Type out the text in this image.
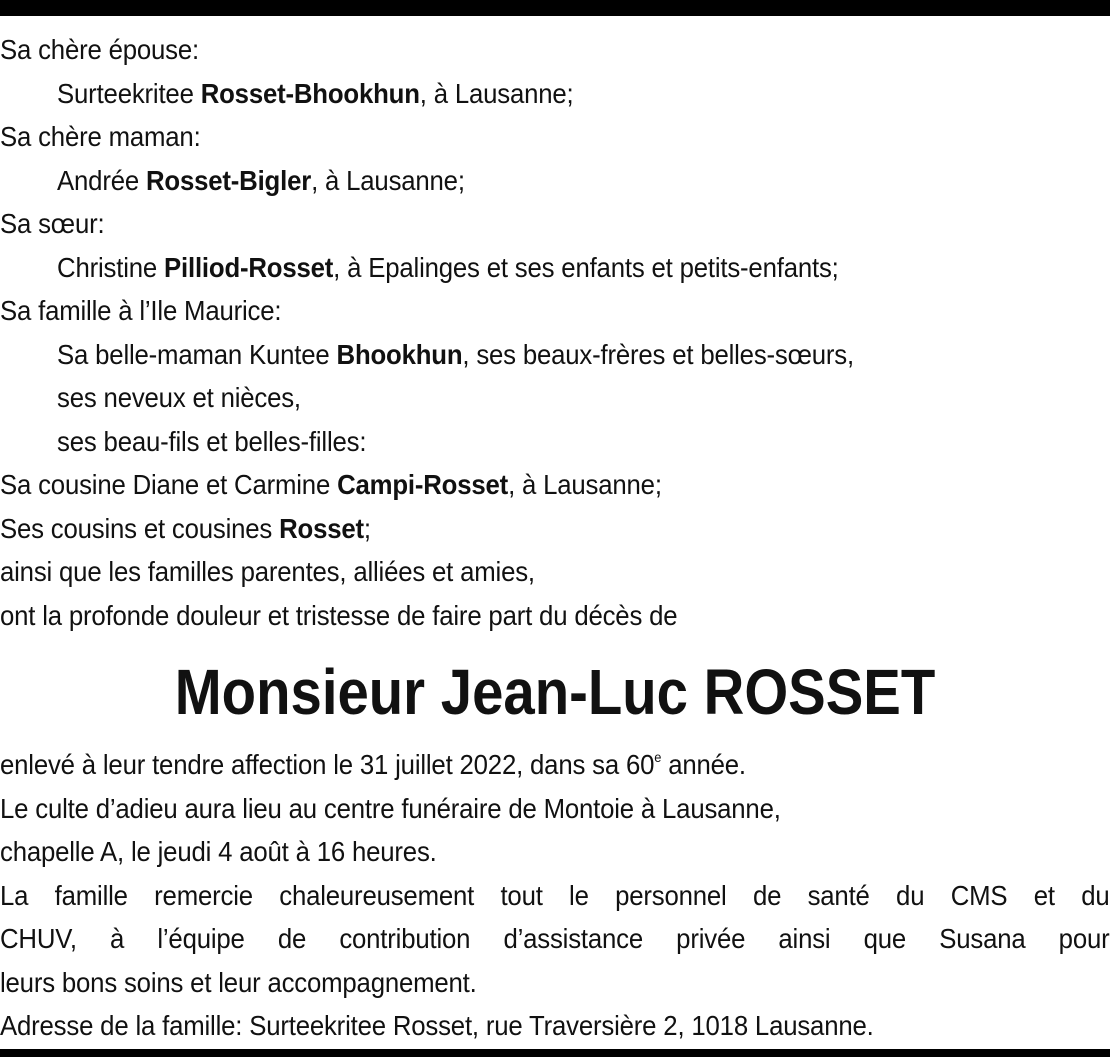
Sa chère épouse:
Surteekritee Rosset-Bhookhun, à Lausanne;
Sa chère maman:
Andrée Rosset-Bigler, à Lausanne;
Sa sœur:
Christine Pilliod-Rosset, à Epalinges et ses enfants et petits-enfants;
Sa famille à l’Ile Maurice:
Sa belle-maman Kuntee Bhookhun, ses beaux-frères et belles-sœurs,
ses neveux et nièces,
ses beau-fils et belles-filles:
Sa cousine Diane et Carmine Campi-Rosset, à Lausanne;
Ses cousins et cousines Rosset;
ainsi que les familles parentes, alliées et amies,
ont la profonde douleur et tristesse de faire part du décès de
Monsieur Jean-Luc ROSSET
enlevé à leur tendre affection le 31 juillet 2022, dans sa 60e année.
Le culte d’adieu aura lieu au centre funéraire de Montoie à Lausanne,
chapelle A, le jeudi 4 août à 16 heures.
La famille remercie chaleureusement tout le personnel de santé du CMS et du
CHUV, à l’équipe de contribution d’assistance privée ainsi que Susana pour
leurs bons soins et leur accompagnement.
Adresse de la famille: Surteekritee Rosset, rue Traversière 2, 1018 Lausanne.
